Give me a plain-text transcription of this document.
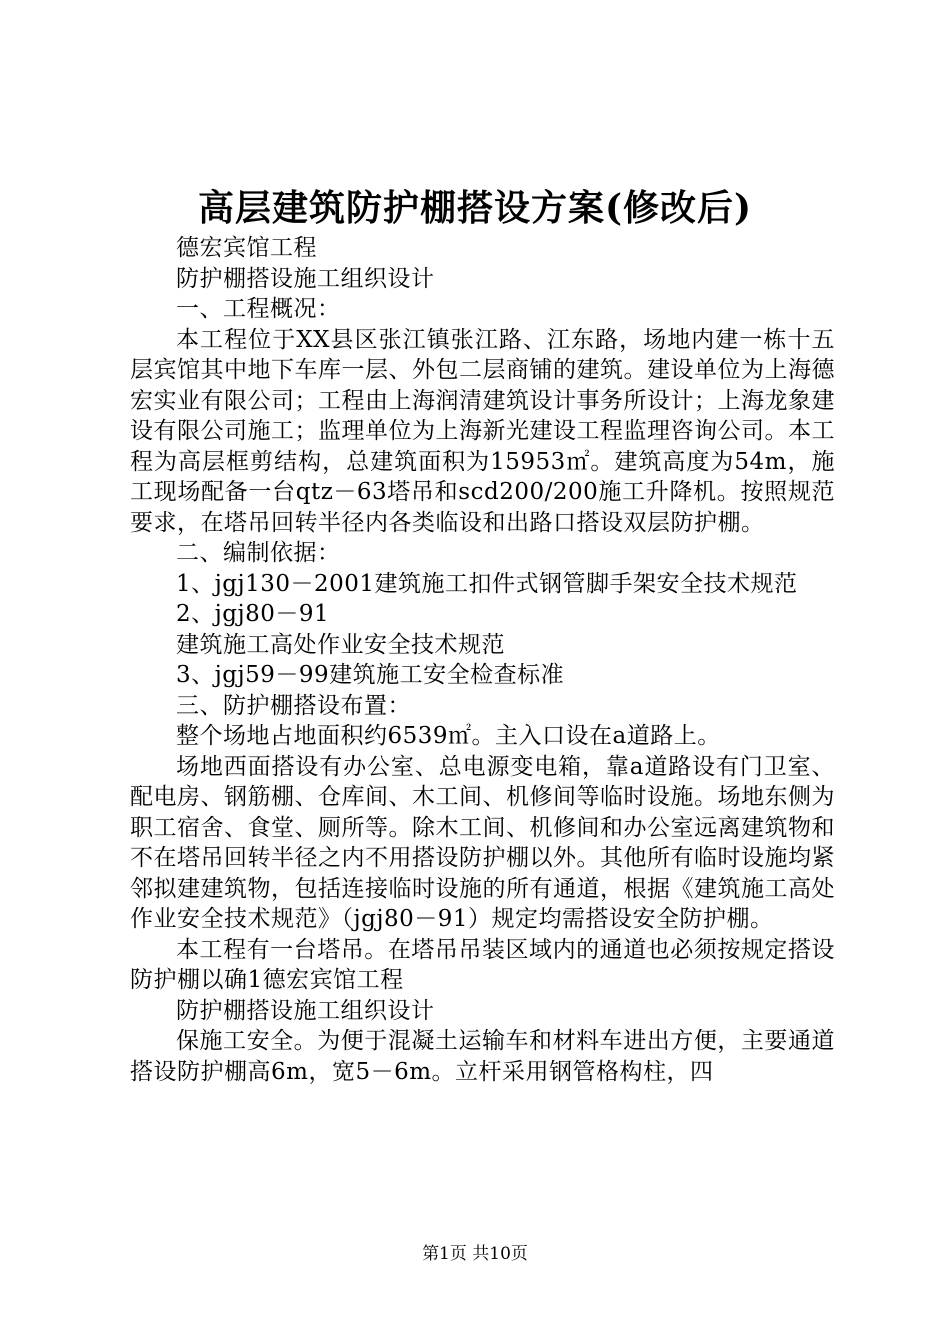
高层建筑防护棚搭设方案(修改后)

德宏宾馆工程

防护棚搭设施工组织设计

一、工程概况：

本工程位于XX县区张江镇张江路、江东路，场地内建一栋十五层宾馆其中地下车库一层、外包二层商铺的建筑。建设单位为上海德宏实业有限公司；工程由上海润清建筑设计事务所设计；上海龙象建设有限公司施工；监理单位为上海新光建设工程监理咨询公司。本工程为高层框剪结构，总建筑面积为15953㎡。建筑高度为54m，施工现场配备一台qtz－63塔吊和scd200/200施工升降机。按照规范要求，在塔吊回转半径内各类临设和出路口搭设双层防护棚。

二、编制依据：

1、jgj130－2001建筑施工扣件式钢管脚手架安全技术规范

2、jgj80－91

建筑施工高处作业安全技术规范

3、jgj59－99建筑施工安全检查标准

三、防护棚搭设布置：

整个场地占地面积约6539㎡。主入口设在a道路上。

场地西面搭设有办公室、总电源变电箱，靠a道路设有门卫室、配电房、钢筋棚、仓库间、木工间、机修间等临时设施。场地东侧为职工宿舍、食堂、厕所等。除木工间、机修间和办公室远离建筑物和不在塔吊回转半径之内不用搭设防护棚以外。其他所有临时设施均紧邻拟建建筑物，包括连接临时设施的所有通道，根据《建筑施工高处作业安全技术规范》（jgj80－91）规定均需搭设安全防护棚。

本工程有一台塔吊。在塔吊吊装区域内的通道也必须按规定搭设防护棚以确1德宏宾馆工程

防护棚搭设施工组织设计

保施工安全。为便于混凝土运输车和材料车进出方便，主要通道搭设防护棚高6m，宽5－6m。立杆采用钢管格构柱，四

第1页 共10页
